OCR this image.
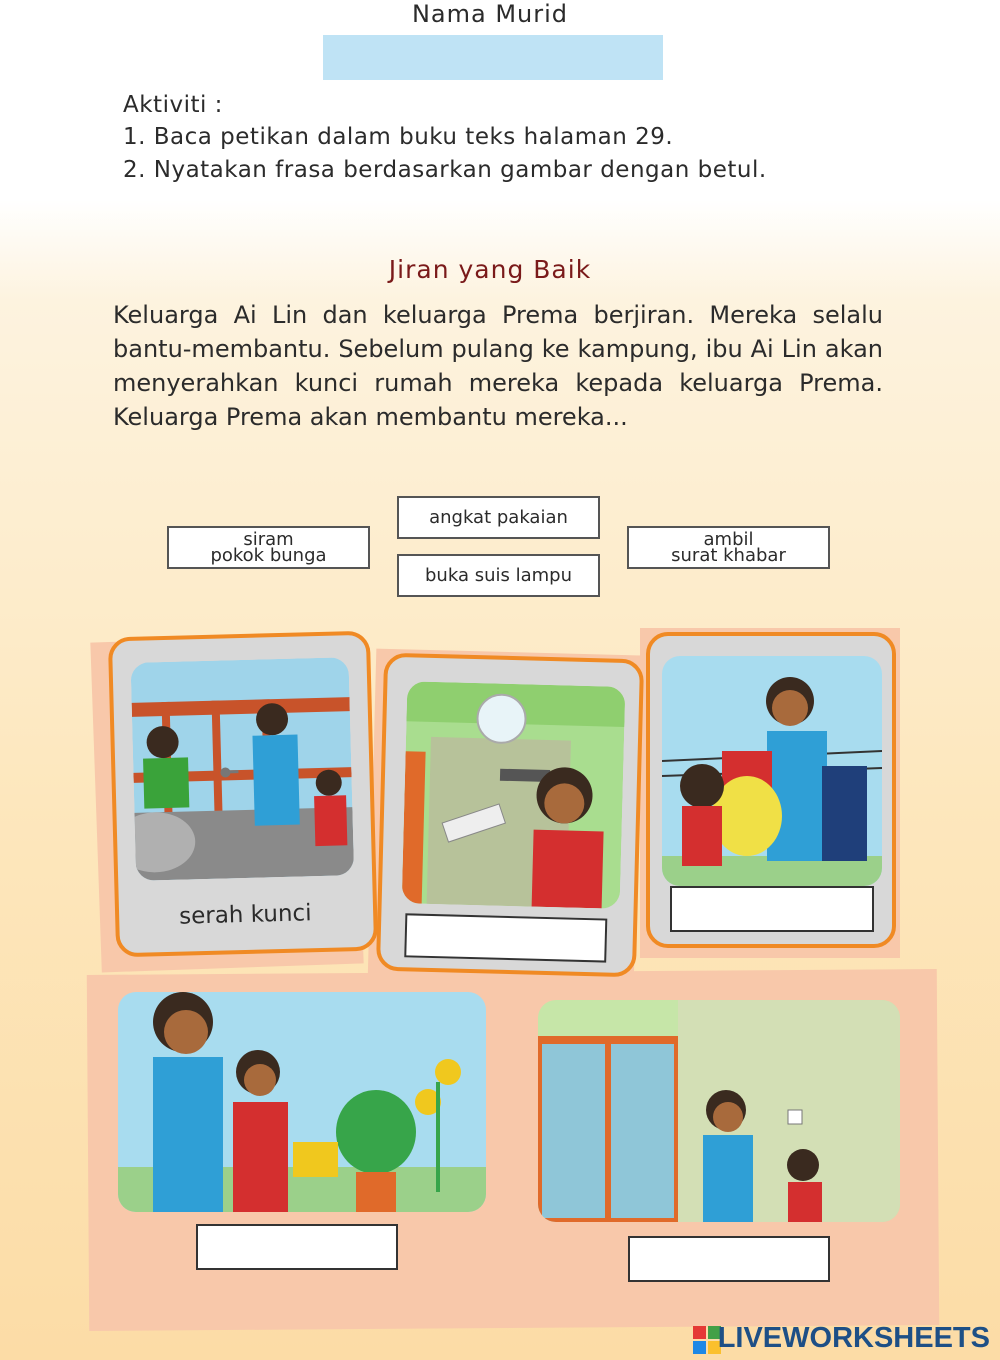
Nama Murid
Aktiviti :
1. Baca petikan dalam buku teks halaman 29.
2. Nyatakan frasa berdasarkan gambar dengan betul.
Jiran yang Baik

Keluarga Ai Lin dan keluarga Prema berjiran. Mereka selalu

bantu-membantu. Sebelum pulang ke kampung, ibu Ai Lin akan

menyerahkan kunci rumah mereka kepada keluarga Prema.

Keluarga Prema akan membantu mereka...

siram
pokok bunga
angkat pakaian
buka suis lampu
ambil
surat khabar
serah kunci
LIVEWORKSHEETS
